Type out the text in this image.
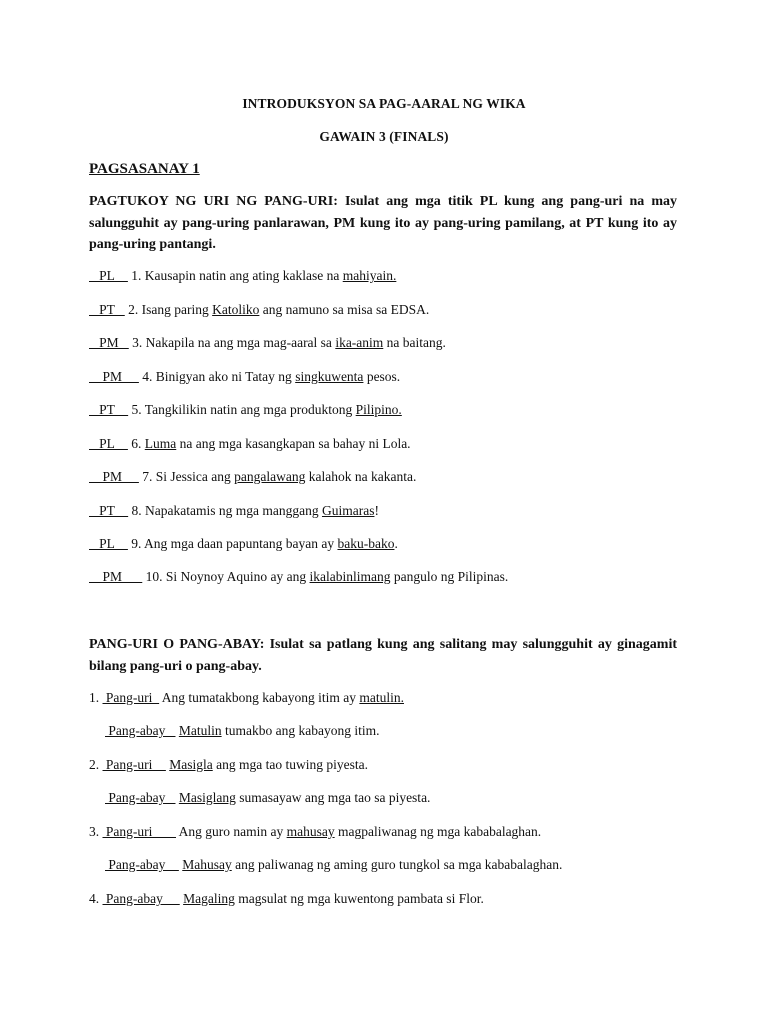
INTRODUKSYON SA PAG-AARAL NG WIKA
GAWAIN 3 (FINALS)
PAGSASANAY 1
PAGTUKOY NG URI NG PANG-URI: Isulat ang mga titik PL kung ang pang-uri na may salungguhit ay pang-uring panlarawan, PM kung ito ay pang-uring pamilang, at PT kung ito ay pang-uring pantangi.
PL     1. Kausapin natin ang ating kaklase na mahiyain.
PT    2. Isang paring Katoliko ang namuno sa misa sa EDSA.
PM    3. Nakapila na ang mga mag-aaral sa ika-anim na baitang.
PM      4. Binigyan ako ni Tatay ng singkuwenta pesos.
PT     5. Tangkilikin natin ang mga produktong Pilipino.
PL     6. Luma na ang mga kasangkapan sa bahay ni Lola.
PM      7. Si Jessica ang pangalawang kalahok na kakanta.
PT     8. Napakatamis ng mga manggang Guimaras!
PL     9. Ang mga daan papuntang bayan ay baku-bako.
PM       10. Si Noynoy Aquino ay ang ikalabinlimang pangulo ng Pilipinas.
PANG-URI O PANG-ABAY: Isulat sa patlang kung ang salitang may salungguhit ay ginagamit bilang pang-uri o pang-abay.
1.  Pang-uri   Ang tumatakbong kabayong itim ay matulin.
Pang-abay    Matulin tumakbo ang kabayong itim.
2.  Pang-uri     Masigla ang mga tao tuwing piyesta.
Pang-abay    Masiglang sumasayaw ang mga tao sa piyesta.
3.  Pang-uri        Ang guro namin ay mahusay magpaliwanag ng mga kababalaghan.
Pang-abay     Mahusay ang paliwanag ng aming guro tungkol sa mga kababalaghan.
4.  Pang-abay      Magaling magsulat ng mga kuwentong pambata si Flor.
